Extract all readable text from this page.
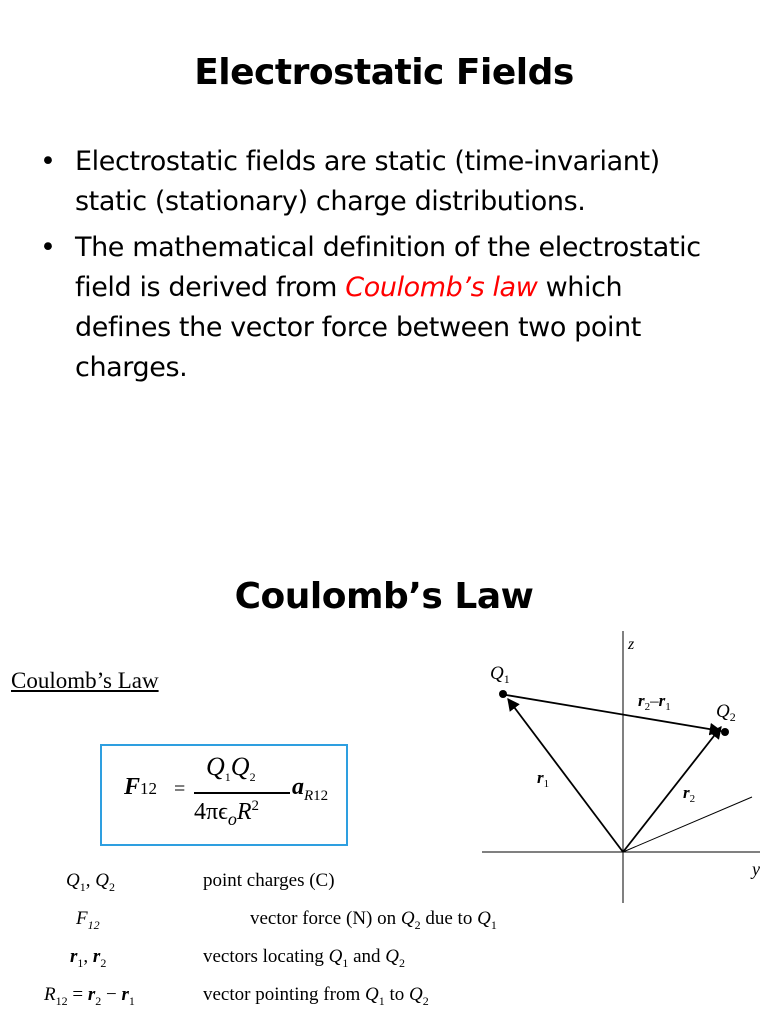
Electrostatic Fields
• Electrostatic fields are static (time-invariant) static (stationary) charge distributions.
• The mathematical definition of the electrostatic field is derived from Coulomb’s law which defines the vector force between two point charges.
Coulomb’s Law
Coulomb’s Law
F12 =
$Q_1Q_2$
$4\pi\epsilon_oR^2$
$a_{R12}$
$Q_1$, $Q_2$	point charges (C)
$F_{12}$	vector force (N) on $Q_2$ due to $Q_1$
$r_1$, $r_2$	vectors locating $Q_1$ and $Q_2$
$R_{12} = r_2 - r_1$	vector pointing from $Q_1$ to $Q_2$
z
y
$Q_1$
$Q_2$
$r_1$	$r_2$
$r_2-r_1$
